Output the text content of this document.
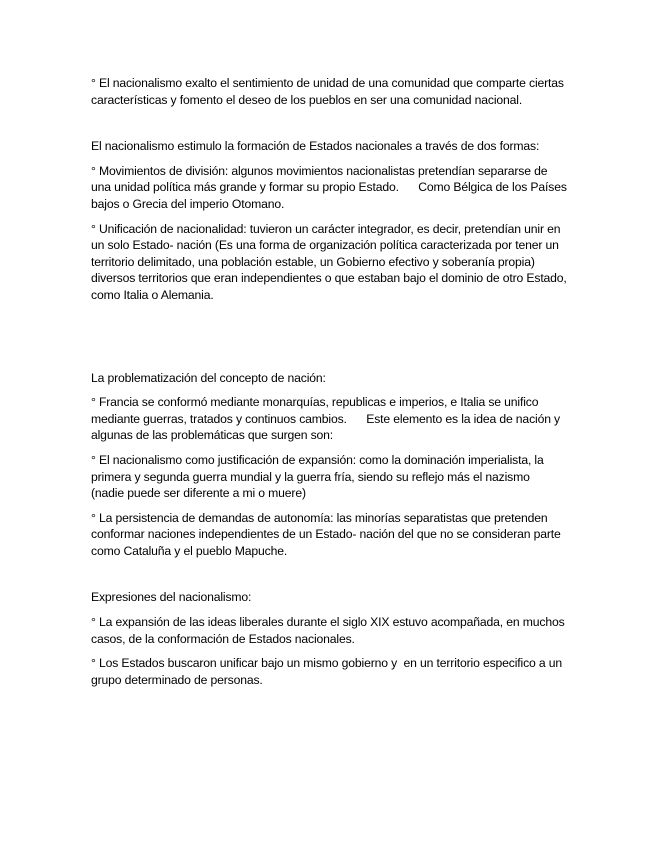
° El nacionalismo exalto el sentimiento de unidad de una comunidad que comparte ciertas características y fomento el deseo de los pueblos en ser una comunidad nacional.

El nacionalismo estimulo la formación de Estados nacionales a través de dos formas:

° Movimientos de división: algunos movimientos nacionalistas pretendían separarse de una unidad política más grande y formar su propio Estado.      Como Bélgica de los Países bajos o Grecia del imperio Otomano.

° Unificación de nacionalidad: tuvieron un carácter integrador, es decir, pretendían unir en un solo Estado- nación (Es una forma de organización política caracterizada por tener un territorio delimitado, una población estable, un Gobierno efectivo y soberanía propia) diversos territorios que eran independientes o que estaban bajo el dominio de otro Estado, como Italia o Alemania.

La problematización del concepto de nación:

° Francia se conformó mediante monarquías, republicas e imperios, e Italia se unifico mediante guerras, tratados y continuos cambios.      Este elemento es la idea de nación y algunas de las problemáticas que surgen son:

° El nacionalismo como justificación de expansión: como la dominación imperialista, la primera y segunda guerra mundial y la guerra fría, siendo su reflejo más el nazismo  (nadie puede ser diferente a mi o muere)

° La persistencia de demandas de autonomía: las minorías separatistas que pretenden conformar naciones independientes de un Estado- nación del que no se consideran parte como Cataluña y el pueblo Mapuche.

Expresiones del nacionalismo:

° La expansión de las ideas liberales durante el siglo XIX estuvo acompañada, en muchos casos, de la conformación de Estados nacionales.

° Los Estados buscaron unificar bajo un mismo gobierno y  en un territorio especifico a un grupo determinado de personas.
